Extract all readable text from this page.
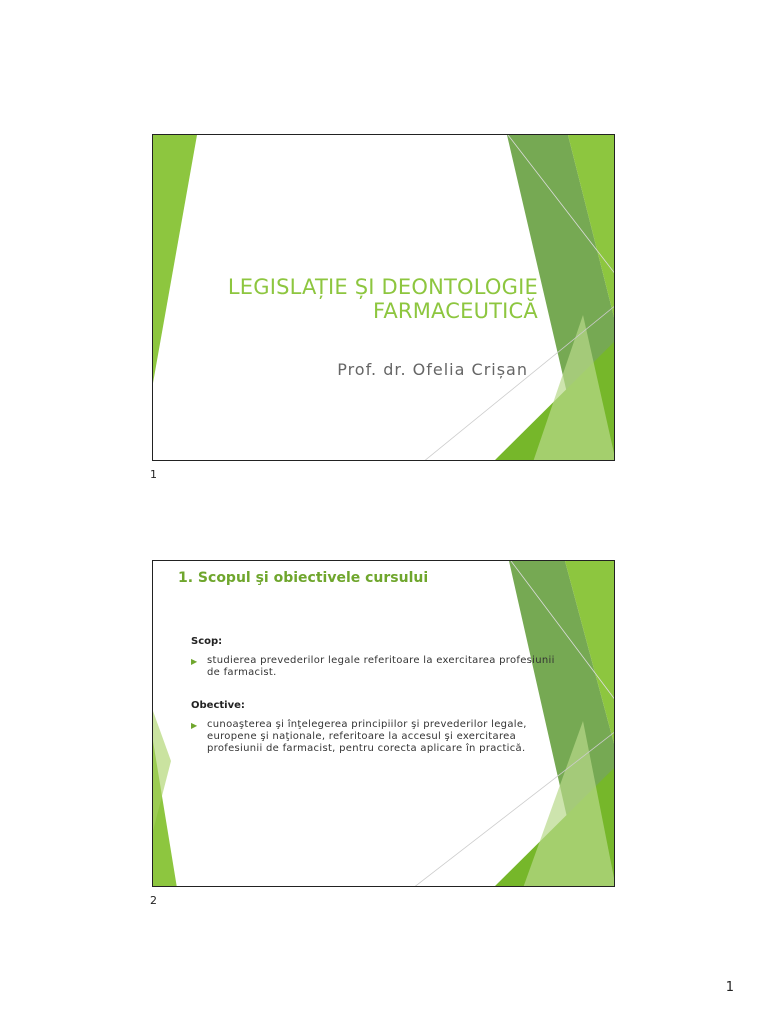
LEGISLAȚIE ȘI DEONTOLOGIE
FARMACEUTICĂ
Prof. dr. Ofelia Crișan
1
1. Scopul şi obiectivele cursului
Scop:
▶ studierea prevederilor legale referitoare la exercitarea profesiunii de farmacist.
Obective:
▶ cunoaşterea şi înţelegerea principiilor şi prevederilor legale, europene şi naţionale, referitoare la accesul şi exercitarea profesiunii de farmacist, pentru corecta aplicare în practică.
2
1
